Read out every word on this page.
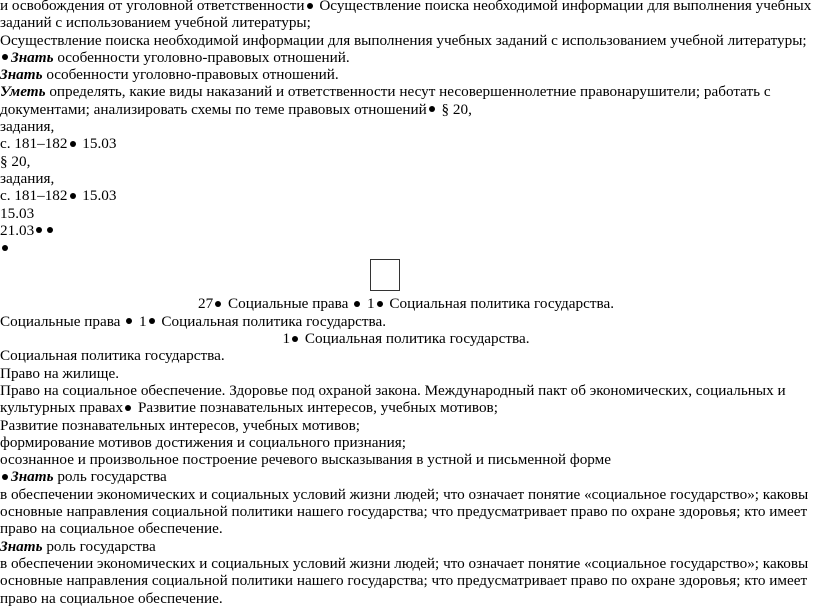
и освобождения от уголовной ответственности Осуществление поиска необходимой информации для выполнения учебных заданий с использованием учебной литературы;

Осуществление поиска необходимой информации для выполнения учебных заданий с использованием учебной литературы;

Знать особенности уголовно-правовых отношений.

Знать особенности уголовно-правовых отношений.

Уметь определять, какие виды наказаний и ответственности несут несовершеннолетние правонарушители; работать с документами; анализировать схемы по теме правовых отношений § 20,

задания,

с. 181–182 15.03

§ 20,

задания,

с. 181–182 15.03

15.03

21.03

27 Социальные права  1 Социальная политика государства.

Социальные права  1 Социальная политика государства.

1 Социальная политика государства.

Социальная политика государства.

Право на жилище.

Право на социальное обеспечение. Здоровье под охраной закона. Международный пакт об экономических, социальных и культурных правах Развитие познавательных интересов, учебных мотивов;

Развитие познавательных интересов, учебных мотивов;

формирование мотивов достижения и социального признания;

осознанное и произвольное построение речевого высказывания в устной и письменной форме

Знать роль государства

в обеспечении экономических и социальных условий жизни людей; что означает понятие «социальное государство»; каковы основные направления социальной политики нашего государства; что предусматривает право по охране здоровья; кто имеет право на социальное обеспечение.

Знать роль государства

в обеспечении экономических и социальных условий жизни людей; что означает понятие «социальное государство»; каковы основные направления социальной политики нашего государства; что предусматривает право по охране здоровья; кто имеет право на социальное обеспечение.
